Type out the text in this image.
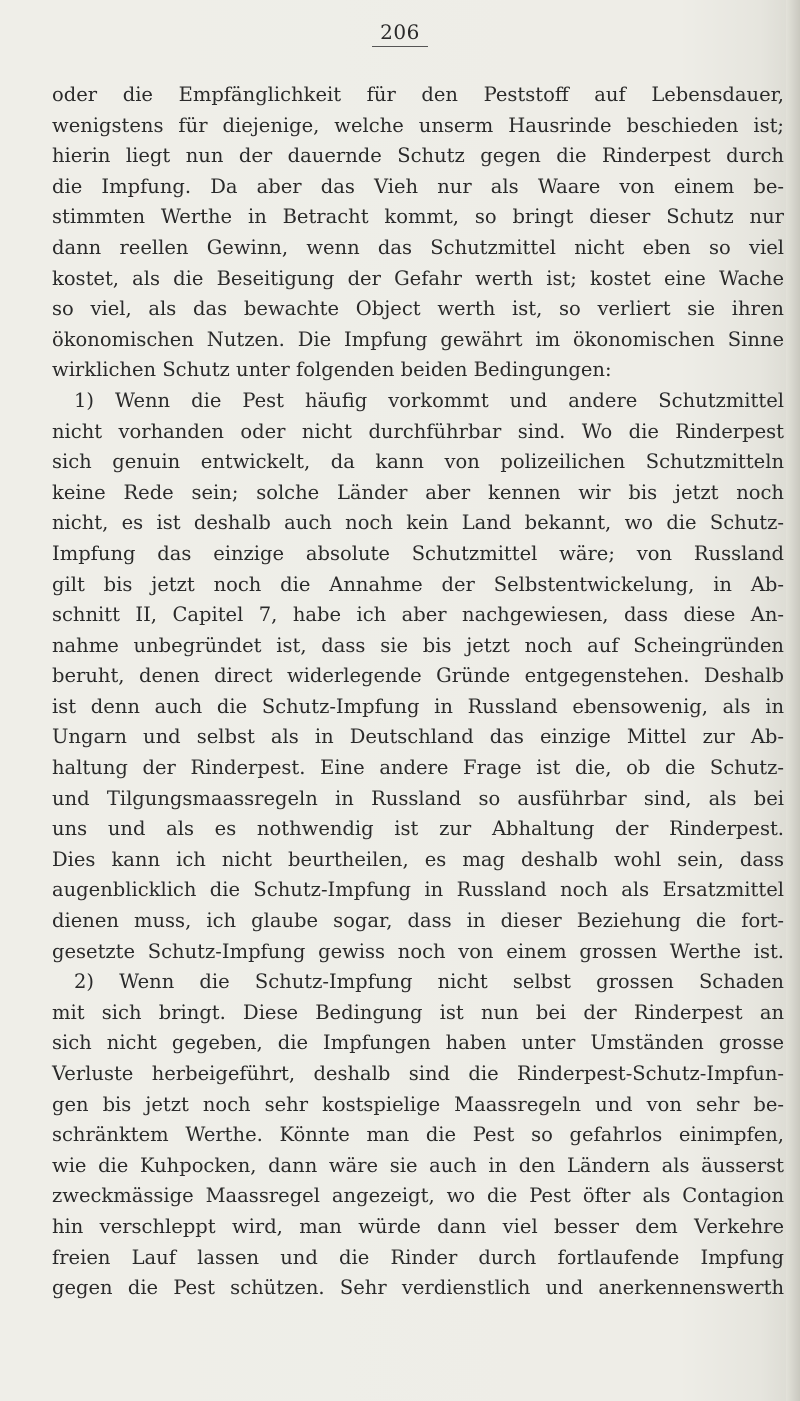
206
oder die Empfänglichkeit für den Peststoff auf Lebensdauer,
wenigstens für diejenige, welche unserm Hausrinde beschieden ist;
hierin liegt nun der dauernde Schutz gegen die Rinderpest durch
die Impfung. Da aber das Vieh nur als Waare von einem be-
stimmten Werthe in Betracht kommt, so bringt dieser Schutz nur
dann reellen Gewinn, wenn das Schutzmittel nicht eben so viel
kostet, als die Beseitigung der Gefahr werth ist; kostet eine Wache
so viel, als das bewachte Object werth ist, so verliert sie ihren
ökonomischen Nutzen. Die Impfung gewährt im ökonomischen Sinne
wirklichen Schutz unter folgenden beiden Bedingungen:
1) Wenn die Pest häufig vorkommt und andere Schutzmittel
nicht vorhanden oder nicht durchführbar sind. Wo die Rinderpest
sich genuin entwickelt, da kann von polizeilichen Schutzmitteln
keine Rede sein; solche Länder aber kennen wir bis jetzt noch
nicht, es ist deshalb auch noch kein Land bekannt, wo die Schutz-
Impfung das einzige absolute Schutzmittel wäre; von Russland
gilt bis jetzt noch die Annahme der Selbstentwickelung, in Ab-
schnitt II, Capitel 7, habe ich aber nachgewiesen, dass diese An-
nahme unbegründet ist, dass sie bis jetzt noch auf Scheingründen
beruht, denen direct widerlegende Gründe entgegenstehen. Deshalb
ist denn auch die Schutz-Impfung in Russland ebensowenig, als in
Ungarn und selbst als in Deutschland das einzige Mittel zur Ab-
haltung der Rinderpest. Eine andere Frage ist die, ob die Schutz-
und Tilgungsmaassregeln in Russland so ausführbar sind, als bei
uns und als es nothwendig ist zur Abhaltung der Rinderpest.
Dies kann ich nicht beurtheilen, es mag deshalb wohl sein, dass
augenblicklich die Schutz-Impfung in Russland noch als Ersatzmittel
dienen muss, ich glaube sogar, dass in dieser Beziehung die fort-
gesetzte Schutz-Impfung gewiss noch von einem grossen Werthe ist.
2) Wenn die Schutz-Impfung nicht selbst grossen Schaden
mit sich bringt. Diese Bedingung ist nun bei der Rinderpest an
sich nicht gegeben, die Impfungen haben unter Umständen grosse
Verluste herbeigeführt, deshalb sind die Rinderpest-Schutz-Impfun-
gen bis jetzt noch sehr kostspielige Maassregeln und von sehr be-
schränktem Werthe. Könnte man die Pest so gefahrlos einimpfen,
wie die Kuhpocken, dann wäre sie auch in den Ländern als äusserst
zweckmässige Maassregel angezeigt, wo die Pest öfter als Contagion
hin verschleppt wird, man würde dann viel besser dem Verkehre
freien Lauf lassen und die Rinder durch fortlaufende Impfung
gegen die Pest schützen. Sehr verdienstlich und anerkennenswerth
